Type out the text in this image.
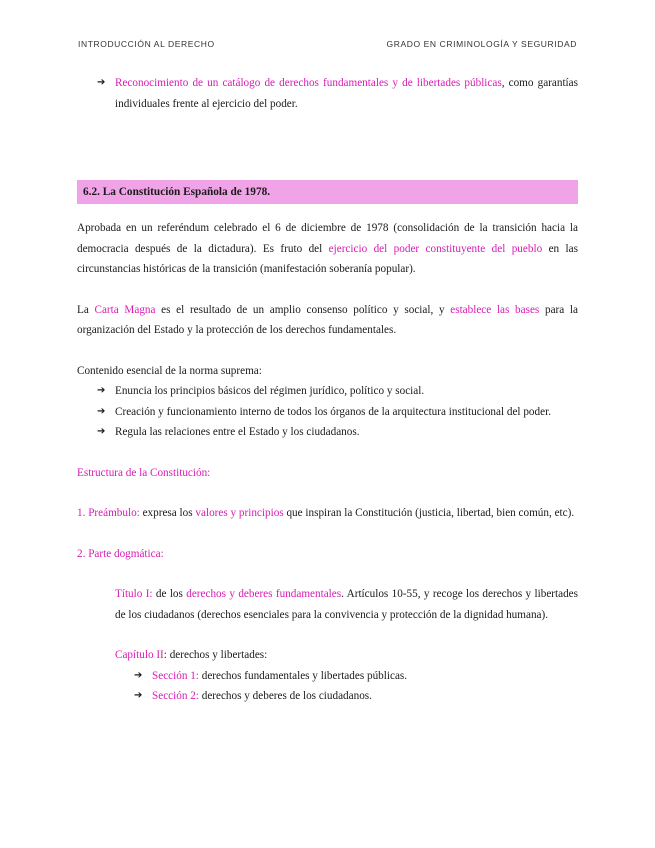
INTRODUCCIÓN AL DERECHO	GRADO EN CRIMINOLOGÍA Y SEGURIDAD
➔ Reconocimiento de un catálogo de derechos fundamentales y de libertades públicas, como garantías individuales frente al ejercicio del poder.
6.2. La Constitución Española de 1978.

Aprobada en un referéndum celebrado el 6 de diciembre de 1978 (consolidación de la transición hacia la democracia después de la dictadura). Es fruto del ejercicio del poder constituyente del pueblo en las circunstancias históricas de la transición (manifestación soberanía popular).

La Carta Magna es el resultado de un amplio consenso político y social, y establece las bases para la organización del Estado y la protección de los derechos fundamentales.

Contenido esencial de la norma suprema:

➔ Enuncia los principios básicos del régimen jurídico, político y social.
➔ Creación y funcionamiento interno de todos los órganos de la arquitectura institucional del poder.
➔ Regula las relaciones entre el Estado y los ciudadanos.

Estructura de la Constitución:

1. Preámbulo: expresa los valores y principios que inspiran la Constitución (justicia, libertad, bien común, etc).

2. Parte dogmática:

Título I: de los derechos y deberes fundamentales. Artículos 10-55, y recoge los derechos y libertades de los ciudadanos (derechos esenciales para la convivencia y protección de la dignidad humana).

Capítulo II: derechos y libertades:

➔ Sección 1: derechos fundamentales y libertades públicas.
➔ Sección 2: derechos y deberes de los ciudadanos.
